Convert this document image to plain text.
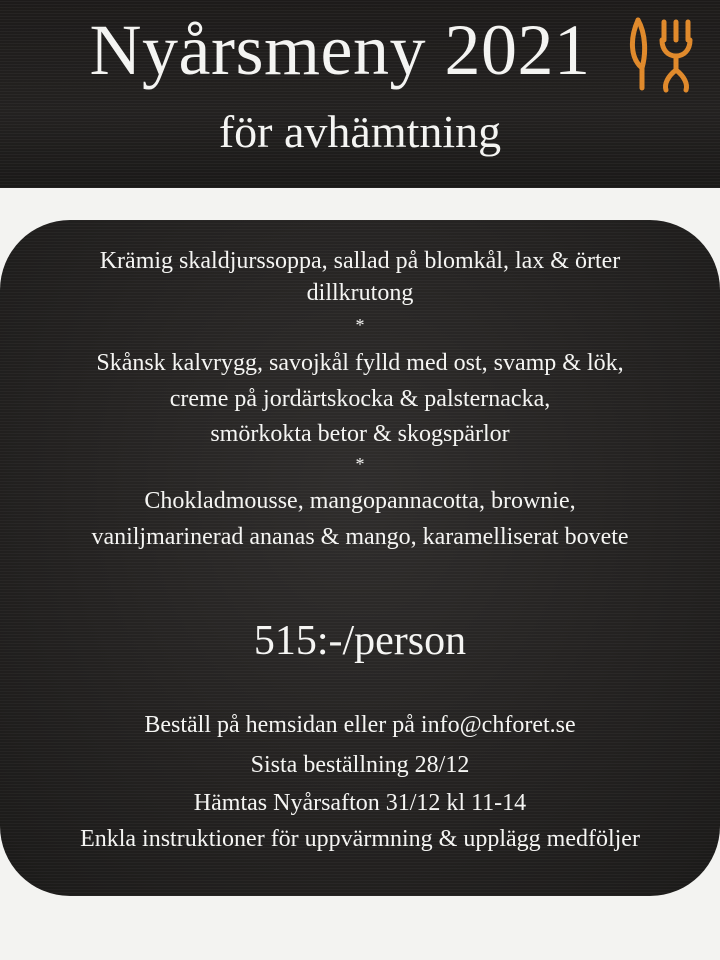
Nyårsmeny 2021
för avhämtning
Krämig skaldjurssoppa, sallad på blomkål, lax & örter
dillkrutong
*
Skånsk kalvrygg, savojkål fylld med ost, svamp & lök,
creme på jordärtskocka & palsternacka,
smörkokta betor & skogspärlor
*
Chokladmousse, mangopannacotta, brownie,
vaniljmarinerad ananas & mango, karamelliserat bovete
515:-/person
Beställ på hemsidan eller på info@chforet.se
Sista beställning 28/12
Hämtas Nyårsafton 31/12 kl 11-14
Enkla instruktioner för uppvärmning & upplägg medföljer
